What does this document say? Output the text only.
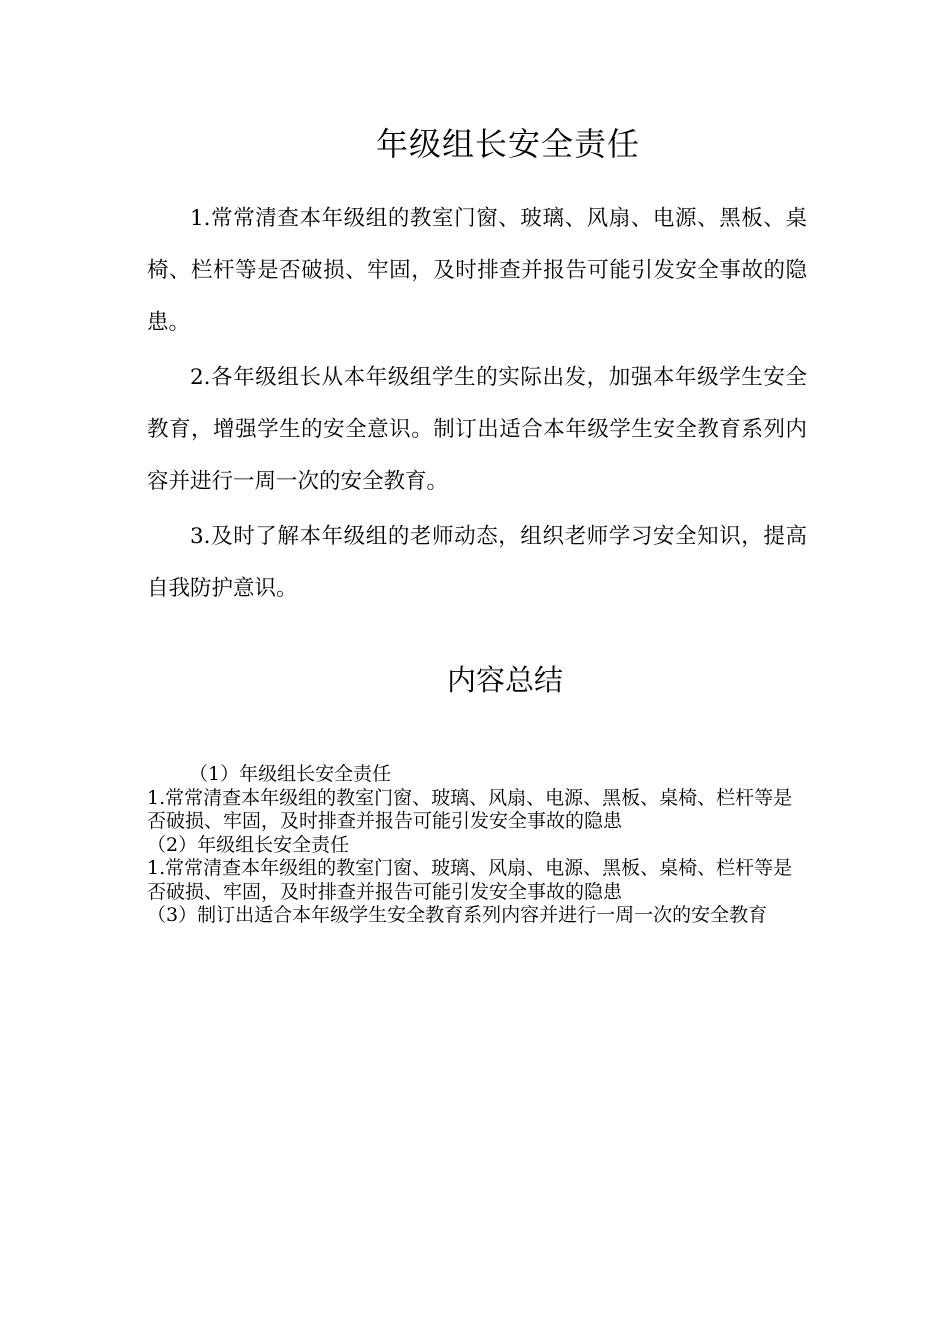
年级组长安全责任

1.常常清查本年级组的教室门窗、玻璃、风扇、电源、黑板、桌椅、栏杆等是否破损、牢固，及时排查并报告可能引发安全事故的隐患。

2.各年级组长从本年级组学生的实际出发，加强本年级学生安全教育，增强学生的安全意识。制订出适合本年级学生安全教育系列内容并进行一周一次的安全教育。

3.及时了解本年级组的老师动态，组织老师学习安全知识，提高自我防护意识。

内容总结

（1）年级组长安全责任

1.常常清查本年级组的教室门窗、玻璃、风扇、电源、黑板、桌椅、栏杆等是否破损、牢固，及时排查并报告可能引发安全事故的隐患

（2）年级组长安全责任

1.常常清查本年级组的教室门窗、玻璃、风扇、电源、黑板、桌椅、栏杆等是否破损、牢固，及时排查并报告可能引发安全事故的隐患

（3）制订出适合本年级学生安全教育系列内容并进行一周一次的安全教育
